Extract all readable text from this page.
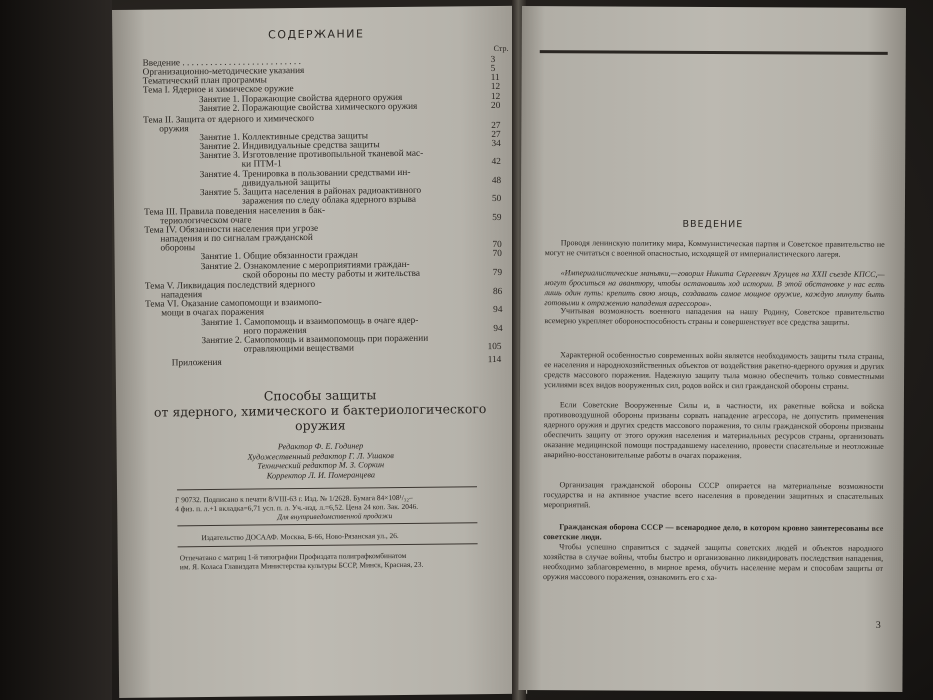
СОДЕРЖАНИЕ
Стр.
Введение . . . . . . . . . . . . . . . . . . . . . . . . . .	3
Организационно-методические указания	5
Тематический план программы	11
Тема I. Ядерное и химическое оружие	12
Занятие 1. Поражающие свойства ядерного оружия	12
Занятие 2. Поражающие свойства химического оружия	20
Тема II. Защита от ядерного и химического
оружия	27
Занятие 1. Коллективные средства защиты	27
Занятие 2. Индивидуальные средства защиты	34
Занятие 3. Изготовление противопыльной тканевой мас-
ки ПТМ-1	42
Занятие 4. Тренировка в пользовании средствами ин-
дивидуальной защиты	48
Занятие 5. Защита населения в районах радиоактивного
заражения по следу облака ядерного взрыва	50
Тема III. Правила поведения населения в бак-
териологическом очаге	59
Тема IV. Обязанности населения при угрозе
нападения и по сигналам гражданской
обороны	70
Занятие 1. Общие обязанности граждан	70
Занятие 2. Ознакомление с мероприятиями граждан-
ской обороны по месту работы и жительства	79
Тема V. Ликвидация последствий ядерного
нападения	86
Тема VI. Оказание самопомощи и взаимопо-
мощи в очагах поражения	94
Занятие 1. Самопомощь и взаимопомощь в очаге ядер-
ного поражения	94
Занятие 2. Самопомощь и взаимопомощь при поражении
отравляющими веществами	105
Приложения	114
Способы защиты
от ядерного, химического и бактериологического
оружия
Редактор Ф. Е. Годинер
Художественный редактор Г. Л. Ушаков
Технический редактор М. З. Соркин
Корректор Л. И. Померанцева
Г 90732. Подписано к печати 8/VIII-63 г. Изд. № 1/2628. Бумага 84×108¹/₃₂–
4 физ. п. л.+1 вкладка=6,71 усл. п. л. Уч.-изд. л.=6,52. Цена 24 коп. Зак. 2046.
Для внутриведомственной продажи
Издательство ДОСААФ. Москва, Б-66, Ново-Рязанская ул., 26.
Отпечатано с матриц 1-й типографии Профиздата полиграфкомбинатом
им. Я. Коласа Главиздата Министерства культуры БССР, Минск, Красная, 23.
ВВЕДЕНИЕ
Проводя ленинскую политику мира, Коммунистическая партия и Советское правительство не могут не считаться с военной опасностью, исходящей от империалистического лагеря.
«Империалистические маньяки,—говорил Никита Сергеевич Хрущев на XXII съезде КПСС,—могут броситься на авантюру, чтобы остановить ход истории. В этой обстановке у нас есть лишь один путь: крепить свою мощь, создавать самое мощное оружие, каждую минуту быть готовыми к отражению нападения агрессоров».
Учитывая возможность военного нападения на нашу Родину, Советское правительство всемерно укрепляет обороноспособность страны и совершенствует все средства защиты.
Характерной особенностью современных войн является необходимость защиты тыла страны, ее населения и народнохозяйственных объектов от воздействия ракетно-ядерного оружия и других средств массового поражения. Надежную защиту тыла можно обеспечить только совместными усилиями всех видов вооруженных сил, родов войск и сил гражданской обороны страны.
Если Советские Вооруженные Силы и, в частности, их ракетные войска и войска противовоздушной обороны призваны сорвать нападение агрессора, не допустить применения ядерного оружия и других средств массового поражения, то силы гражданской обороны призваны обеспечить защиту от этого оружия населения и материальных ресурсов страны, организовать оказание медицинской помощи пострадавшему населению, провести спасательные и неотложные аварийно-восстановительные работы в очагах поражения.
Организация гражданской обороны СССР опирается на материальные возможности государства и на активное участие всего населения в проведении защитных и спасательных мероприятий.
Гражданская оборона СССР — всенародное дело, в котором кровно заинтересованы все советские люди.
Чтобы успешно справиться с задачей защиты советских людей и объектов народного хозяйства в случае войны, чтобы быстро и организованно ликвидировать последствия нападения, необходимо заблаговременно, в мирное время, обучить население мерам и способам защиты от оружия массового поражения, ознакомить его с ха-
3
